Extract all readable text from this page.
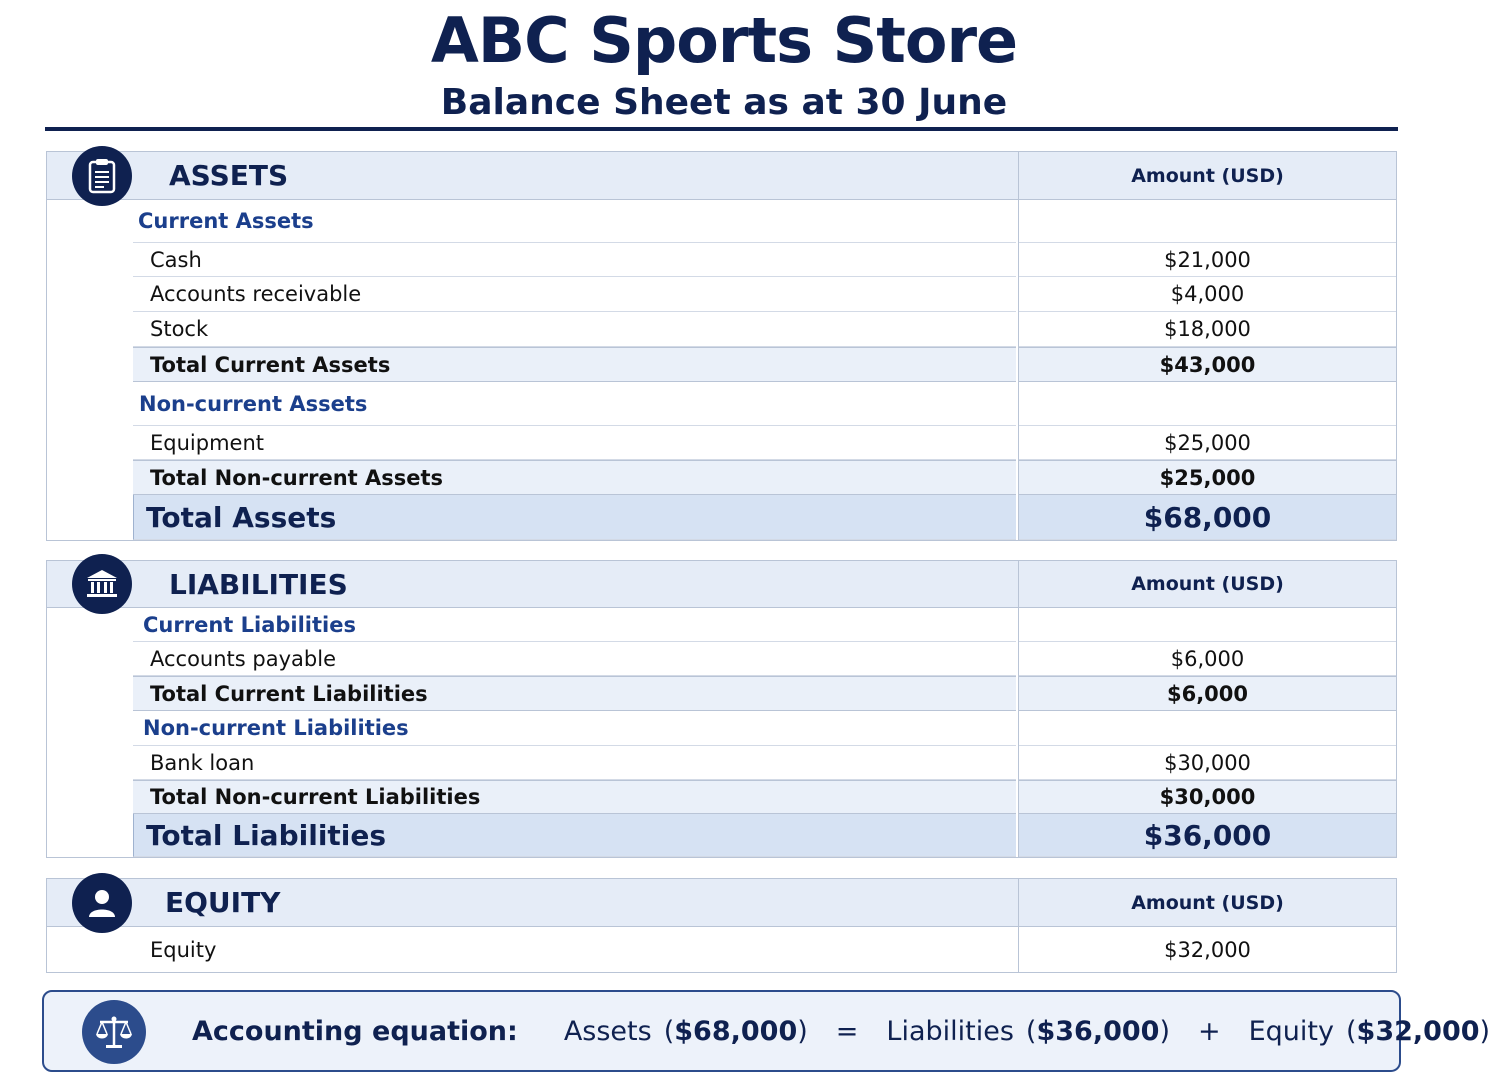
ABC Sports Store
Balance Sheet as at 30 June
ASSETS	Amount (USD)
Current Assets
Cash	$21,000
Accounts receivable	$4,000
Stock	$18,000
Total Current Assets	$43,000
Non-current Assets
Equipment	$25,000
Total Non-current Assets	$25,000
Total Assets	$68,000
LIABILITIES	Amount (USD)
Current Liabilities
Accounts payable	$6,000
Total Current Liabilities	$6,000
Non-current Liabilities
Bank loan	$30,000
Total Non-current Liabilities	$30,000
Total Liabilities	$36,000
EQUITY	Amount (USD)
Equity	$32,000
Accounting equation: Assets ($68,000) = Liabilities ($36,000) + Equity ($32,000)
